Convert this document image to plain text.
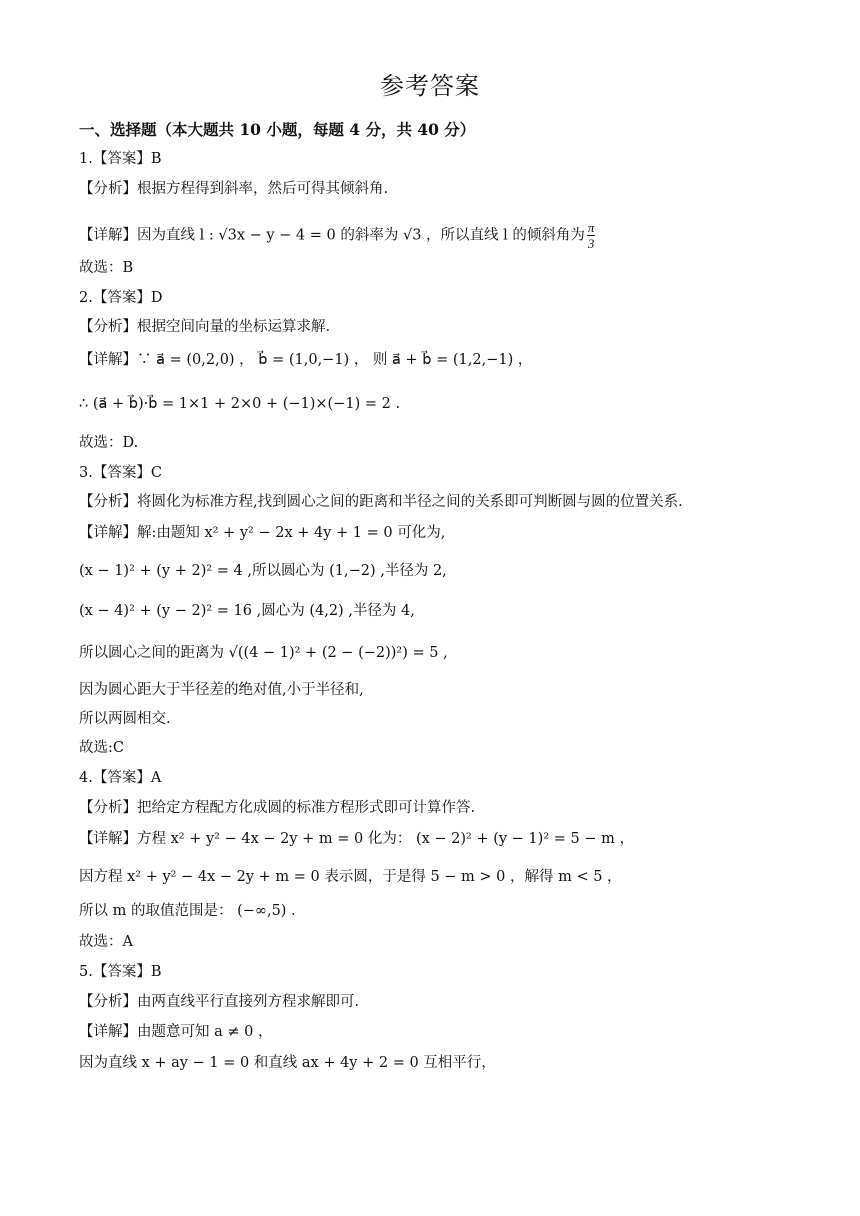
参考答案
一、选择题（本大题共 10 小题，每题 4 分，共 40 分）
1.【答案】B
【分析】根据方程得到斜率，然后可得其倾斜角.
【详解】因为直线 l : √3x − y − 4 = 0 的斜率为 √3 ，所以直线 l 的倾斜角为 $\frac{\pi}{3}$
故选：B
2.【答案】D
【分析】根据空间向量的坐标运算求解.
【详解】∵ a⃗ = (0,2,0) ， b⃗ = (1,0,−1) ， 则 a⃗ + b⃗ = (1,2,−1) ，
∴ (a⃗ + b⃗)·b⃗ = 1×1 + 2×0 + (−1)×(−1) = 2 .
故选：D.
3.【答案】C
【分析】将圆化为标准方程,找到圆心之间的距离和半径之间的关系即可判断圆与圆的位置关系.
【详解】解:由题知 x² + y² − 2x + 4y + 1 = 0 可化为,
(x − 1)² + (y + 2)² = 4 ,所以圆心为 (1,−2) ,半径为 2,
(x − 4)² + (y − 2)² = 16 ,圆心为 (4,2) ,半径为 4,
所以圆心之间的距离为 √((4 − 1)² + (2 − (−2))²) = 5 ,
因为圆心距大于半径差的绝对值,小于半径和,
所以两圆相交.
故选:C
4.【答案】A
【分析】把给定方程配方化成圆的标准方程形式即可计算作答.
【详解】方程 x² + y² − 4x − 2y + m = 0 化为： (x − 2)² + (y − 1)² = 5 − m ，
因方程 x² + y² − 4x − 2y + m = 0 表示圆，于是得 5 − m > 0 ，解得 m < 5 ，
所以 m 的取值范围是： (−∞,5) .
故选：A
5.【答案】B
【分析】由两直线平行直接列方程求解即可.
【详解】由题意可知 a ≠ 0 ，
因为直线 x + ay − 1 = 0 和直线 ax + 4y + 2 = 0 互相平行，
